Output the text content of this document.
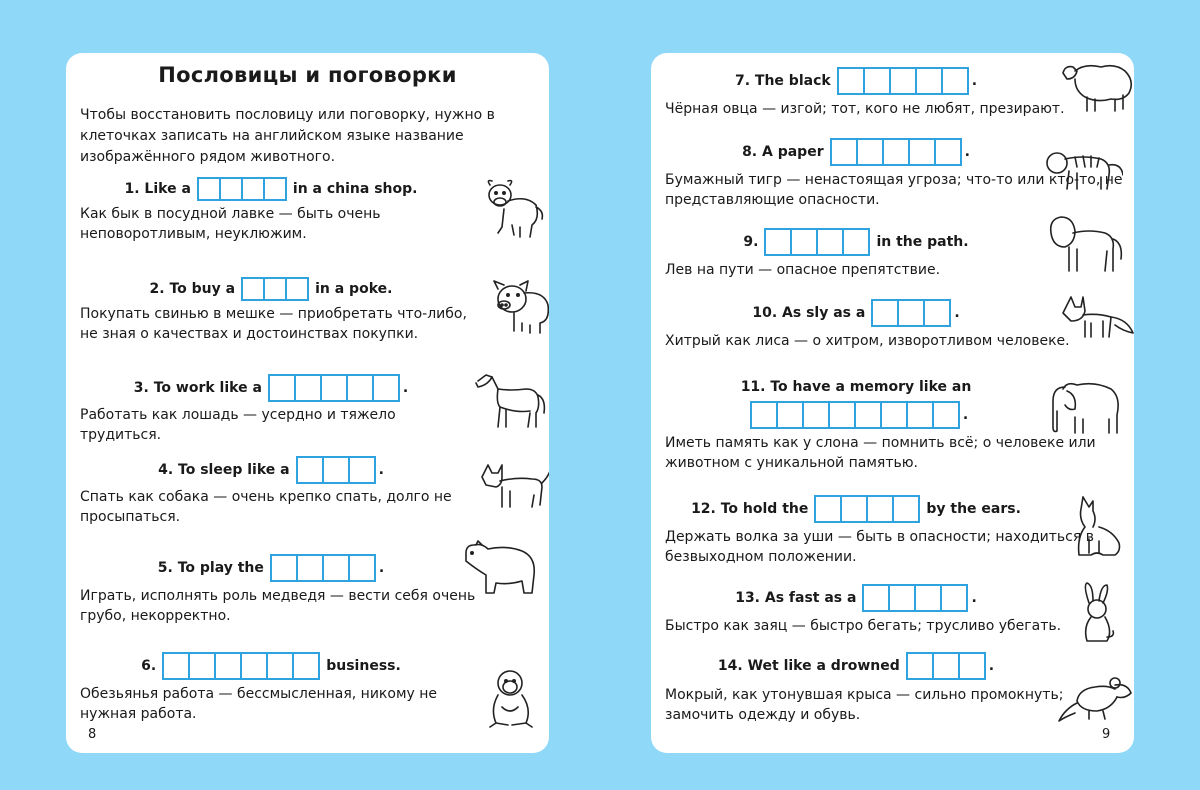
Пословицы и поговорки

Чтобы восстановить пословицу или поговорку, нужно в клеточках записать на английском языке название изображённого рядом животного.

1. Like a	in a china shop.

Как бык в посудной лавке — быть очень неповоротливым, неуклюжим.

2. To buy a	in a poke.

Покупать свинью в мешке — приобретать что-либо, не зная о качествах и достоинствах покупки.

3. To work like a	.

Работать как лошадь — усердно и тяжело трудиться.

4. To sleep like a	.

Спать как собака — очень крепко спать, долго не просыпаться.

5. To play the	.

Играть, исполнять роль медведя — вести себя очень грубо, некорректно.

6.	business.

Обезьянья работа — бессмысленная, никому не нужная работа.

8
7. The black	.

Чёрная овца — изгой; тот, кого не любят, презирают.

8. A paper	.

Бумажный тигр — ненастоящая угроза; что-то или кто-то, не представляющие опасности.

9.	in the path.

Лев на пути — опасное препятствие.

10. As sly as a	.

Хитрый как лиса — о хитром, изворотливом человеке.

11. To have a memory like an
.

Иметь память как у слона — помнить всё; о человеке или животном с уникальной памятью.

12. To hold the	by the ears.

Держать волка за уши — быть в опасности; находиться в безвыходном положении.

13. As fast as a	.

Быстро как заяц — быстро бегать; трусливо убегать.

14. Wet like a drowned	.

Мокрый, как утонувшая крыса — сильно промокнуть; замочить одежду и обувь.

9
